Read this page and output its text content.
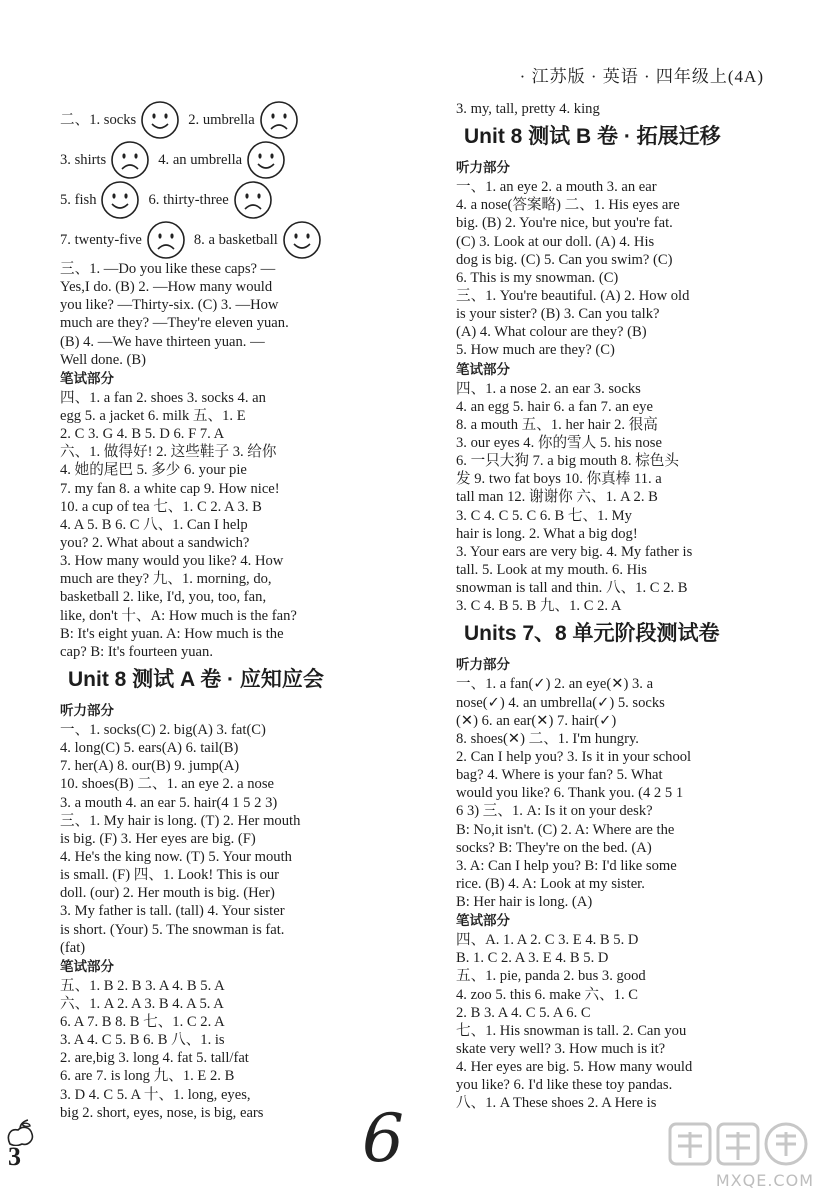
· 江苏版 · 英语 · 四年级上(4A)
二、1. socks	2. umbrella
3. shirts	4. an umbrella
5. fish	6. thirty-three
7. twenty-five	8. a basketball
三、1. —Do you like these caps? —
Yes,I do. (B) 2. —How many would
you like? —Thirty-six. (C) 3. —How
much are they? —They're eleven yuan.
(B) 4. —We have thirteen yuan. —
Well done. (B)
笔试部分
四、1. a fan 2. shoes 3. socks 4. an
egg 5. a jacket 6. milk 五、1. E
2. C 3. G 4. B 5. D 6. F 7. A
六、1. 做得好! 2. 这些鞋子 3. 给你
4. 她的尾巴 5. 多少 6. your pie
7. my fan 8. a white cap 9. How nice!
10. a cup of tea 七、1. C 2. A 3. B
4. A 5. B 6. C 八、1. Can I help
you? 2. What about a sandwich?
3. How many would you like? 4. How
much are they? 九、1. morning, do,
basketball 2. like, I'd, you, too, fan,
like, don't 十、A: How much is the fan?
B: It's eight yuan. A: How much is the
cap? B: It's fourteen yuan.
Unit 8 测试 A 卷 · 应知应会
听力部分
一、1. socks(C) 2. big(A) 3. fat(C)
4. long(C) 5. ears(A) 6. tail(B)
7. her(A) 8. our(B) 9. jump(A)
10. shoes(B) 二、1. an eye 2. a nose
3. a mouth 4. an ear 5. hair(4 1 5 2 3)
三、1. My hair is long. (T) 2. Her mouth
is big. (F) 3. Her eyes are big. (F)
4. He's the king now. (T) 5. Your mouth
is small. (F) 四、1. Look! This is our
doll. (our) 2. Her mouth is big. (Her)
3. My father is tall. (tall) 4. Your sister
is short. (Your) 5. The snowman is fat.
(fat)
笔试部分
五、1. B 2. B 3. A 4. B 5. A
六、1. A 2. A 3. B 4. A 5. A
6. A 7. B 8. B 七、1. C 2. A
3. A 4. C 5. B 6. B 八、1. is
2. are,big 3. long 4. fat 5. tall/fat
6. are 7. is long 九、1. E 2. B
3. D 4. C 5. A 十、1. long, eyes,
big 2. short, eyes, nose, is big, ears
3. my, tall, pretty 4. king
Unit 8 测试 B 卷 · 拓展迁移
听力部分
一、1. an eye 2. a mouth 3. an ear
4. a nose(答案略) 二、1. His eyes are
big. (B) 2. You're nice, but you're fat.
(C) 3. Look at our doll. (A) 4. His
dog is big. (C) 5. Can you swim? (C)
6. This is my snowman. (C)
三、1. You're beautiful. (A) 2. How old
is your sister? (B) 3. Can you talk?
(A) 4. What colour are they? (B)
5. How much are they? (C)
笔试部分
四、1. a nose 2. an ear 3. socks
4. an egg 5. hair 6. a fan 7. an eye
8. a mouth 五、1. her hair 2. 很高
3. our eyes 4. 你的雪人 5. his nose
6. 一只大狗 7. a big mouth 8. 棕色头
发 9. two fat boys 10. 你真棒 11. a
tall man 12. 谢谢你 六、1. A 2. B
3. C 4. C 5. C 6. B 七、1. My
hair is long. 2. What a big dog!
3. Your ears are very big. 4. My father is
tall. 5. Look at my mouth. 6. His
snowman is tall and thin. 八、1. C 2. B
3. C 4. B 5. B 九、1. C 2. A
Units 7、8 单元阶段测试卷
听力部分
一、1. a fan(✓) 2. an eye(✕) 3. a
nose(✓) 4. an umbrella(✓) 5. socks
(✕) 6. an ear(✕) 7. hair(✓)
8. shoes(✕) 二、1. I'm hungry.
2. Can I help you? 3. Is it in your school
bag? 4. Where is your fan? 5. What
would you like? 6. Thank you. (4 2 5 1
6 3) 三、1. A: Is it on your desk?
B: No,it isn't. (C) 2. A: Where are the
socks? B: They're on the bed. (A)
3. A: Can I help you? B: I'd like some
rice. (B) 4. A: Look at my sister.
B: Her hair is long. (A)
笔试部分
四、A. 1. A 2. C 3. E 4. B 5. D
B. 1. C 2. A 3. E 4. B 5. D
五、1. pie, panda 2. bus 3. good
4. zoo 5. this 6. make 六、1. C
2. B 3. A 4. C 5. A 6. C
七、1. His snowman is tall. 2. Can you
skate very well? 3. How much is it?
4. Her eyes are big. 5. How many would
you like? 6. I'd like these toy pandas.
八、1. A These shoes 2. A Here is
3	6
MXQE.COM
